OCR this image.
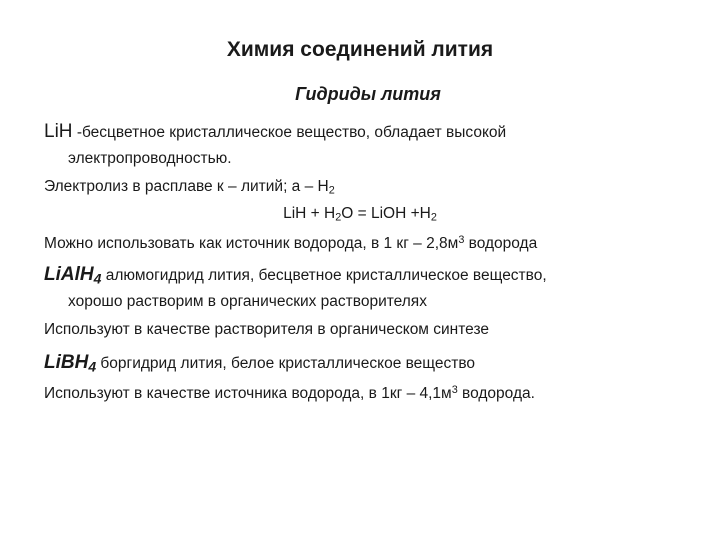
Химия соединений лития
Гидриды лития
LiH -бесцветное кристаллическое вещество, обладает высокой
электропроводностью.
Электролиз в расплаве к – литий; а – $H_2$
LiH + $H_2O$ = LiOH $+H_2$
Можно использовать как источник водорода, в 1 кг – $2,8м^3$ водорода
LiAlH$_4$ алюмогидрид лития, бесцветное кристаллическое вещество,
хорошо растворим в органических растворителях
Используют в качестве растворителя в органическом синтезе
LiBH$_4$ боргидрид лития, белое кристаллическое вещество
Используют в качестве источника водорода, в $1кг - 4,1м^3$ водорода.
